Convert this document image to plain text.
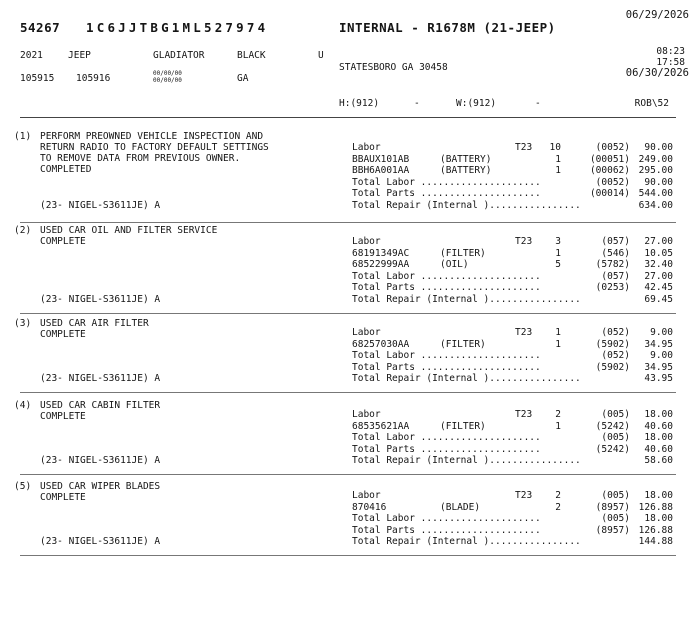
54267 1C6JJTBG1ML527974	INTERNAL - R1678M (21-JEEP)
06/29/2026
2021	JEEP	GLADIATOR	BLACK	U	08:23
STATESBORO GA 30458	17:58
105915 105916	00/00/00
00/00/00	GA	06/30/2026
H:(912)	-	W:(912)	-	ROB\52
(1) PERFORM PREOWNED VEHICLE INSPECTION AND
RETURN RADIO TO FACTORY DEFAULT SETTINGS
TO REMOVE DATA FROM PREVIOUS OWNER.
COMPLETED
(23- NIGEL-S3611JE) A
Labor	T23 10	(0052) 90.00
BBAUX101AB	(BATTERY)	1	(00051) 249.00
BBH6A001AA	(BATTERY)	1	(00062) 295.00
Total Labor .....................	(0052) 90.00
Total Parts .....................	(00014) 544.00
Total Repair (Internal )................	634.00
(2) USED CAR OIL AND FILTER SERVICE
COMPLETE
(23- NIGEL-S3611JE) A
Labor	T23 3	(057) 27.00
68191349AC	(FILTER)	1	(546) 10.05
68522999AA	(OIL)	5	(5782) 32.40
Total Labor .....................	(057) 27.00
Total Parts .....................	(0253) 42.45
Total Repair (Internal )................	69.45
(3) USED CAR AIR FILTER
COMPLETE
(23- NIGEL-S3611JE) A
Labor	T23 1	(052) 9.00
68257030AA	(FILTER)	1	(5902) 34.95
Total Labor .....................	(052) 9.00
Total Parts .....................	(5902) 34.95
Total Repair (Internal )................	43.95
(4) USED CAR CABIN FILTER
COMPLETE
(23- NIGEL-S3611JE) A
Labor	T23 2	(005) 18.00
68535621AA	(FILTER)	1	(5242) 40.60
Total Labor .....................	(005) 18.00
Total Parts .....................	(5242) 40.60
Total Repair (Internal )................	58.60
(5) USED CAR WIPER BLADES
COMPLETE
(23- NIGEL-S3611JE) A
Labor	T23 2	(005) 18.00
870416	(BLADE)	2	(8957) 126.88
Total Labor .....................	(005) 18.00
Total Parts .....................	(8957) 126.88
Total Repair (Internal )................	144.88
